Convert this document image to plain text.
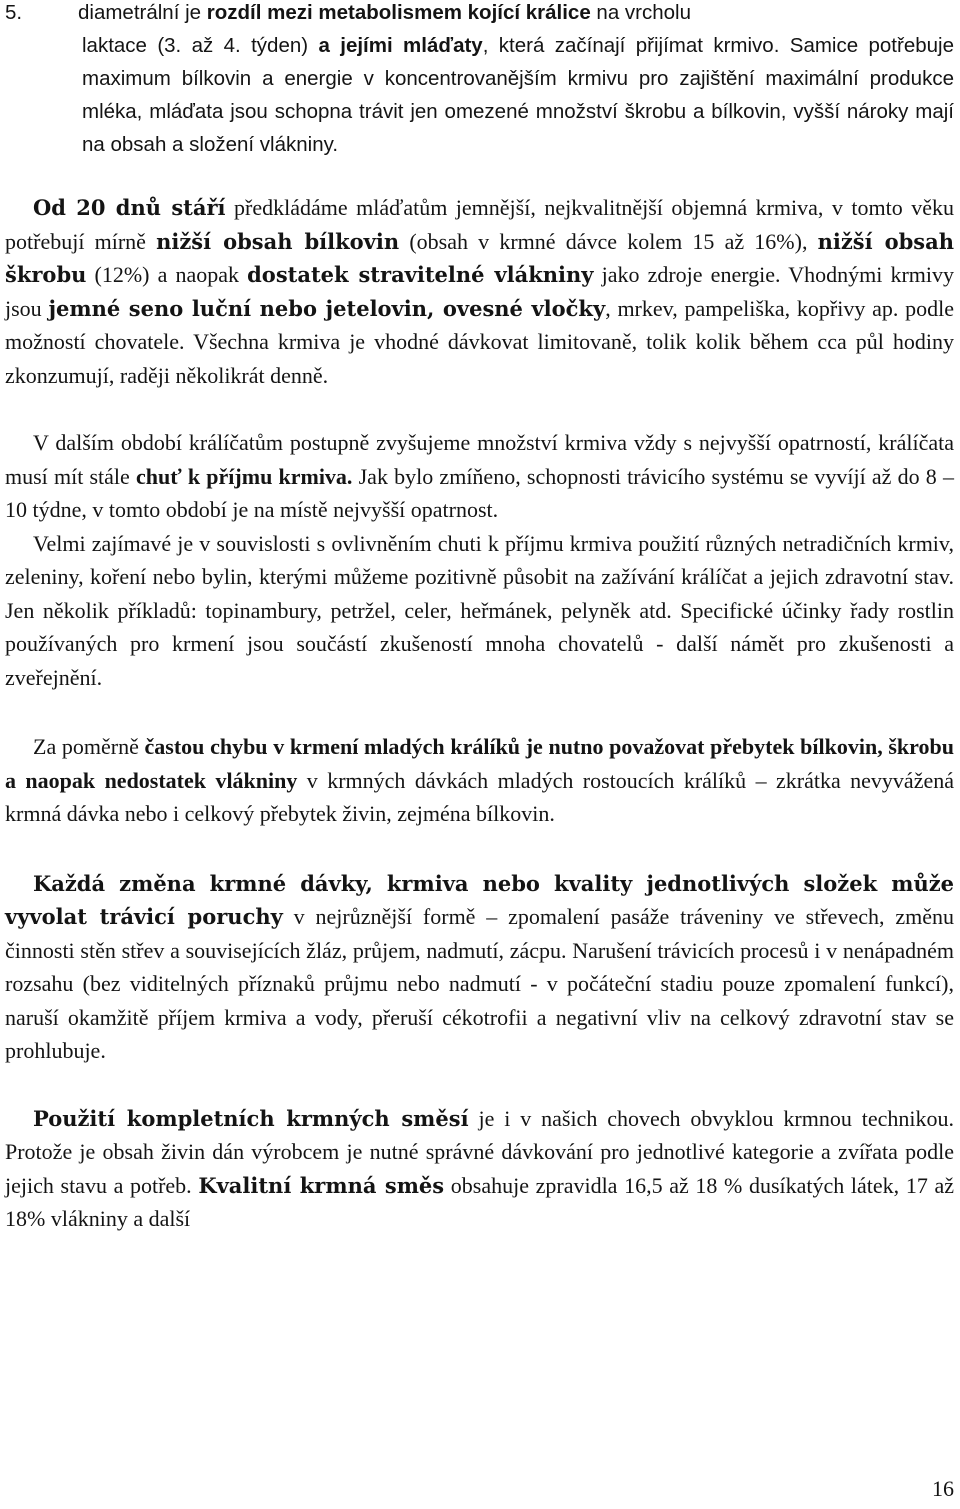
5.	diametrální je rozdíl mezi metabolismem kojící králice na vrcholu
laktace (3. až 4. týden) a jejími mláďaty, která začínají přijímat krmivo. Samice potřebuje maximum bílkovin a energie v koncentrovanějším krmivu pro zajištění maximální produkce mléka, mláďata jsou schopna trávit jen omezené množství škrobu a bílkovin, vyšší nároky mají na obsah a složení vlákniny.

Od 20 dnů stáří předkládáme mláďatům jemnější, nejkvalitnější objemná krmiva, v tomto věku potřebují mírně nižší obsah bílkovin (obsah v krmné dávce kolem 15 až 16%), nižší obsah škrobu (12%) a naopak dostatek stravitelné vlákniny jako zdroje energie. Vhodnými krmivy jsou jemné seno luční nebo jetelovin, ovesné vločky, mrkev, pampeliška, kopřivy ap. podle možností chovatele. Všechna krmiva je vhodné dávkovat limitovaně, tolik kolik během cca půl hodiny zkonzumují, raději několikrát denně.

V dalším období králíčatům postupně zvyšujeme množství krmiva vždy s nejvyšší opatrností, králíčata musí mít stále chuť k příjmu krmiva. Jak bylo zmíňeno, schopnosti trávicího systému se vyvíjí až do 8 – 10 týdne, v tomto období je na místě nejvyšší opatrnost.

Velmi zajímavé je v souvislosti s ovlivněním chuti k příjmu krmiva použití různých netradičních krmiv, zeleniny, koření nebo bylin, kterými můžeme pozitivně působit na zažívání králíčat a jejich zdravotní stav. Jen několik příkladů: topinambury, petržel, celer, heřmánek, pelyněk atd. Specifické účinky řady rostlin používaných pro krmení jsou součástí zkušeností mnoha chovatelů - další námět pro zkušenosti a zveřejnění.

Za poměrně častou chybu v krmení mladých králíků je nutno považovat přebytek bílkovin, škrobu a naopak nedostatek vlákniny v krmných dávkách mladých rostoucích králíků – zkrátka nevyvážená krmná dávka nebo i celkový přebytek živin, zejména bílkovin.

Každá změna krmné dávky, krmiva nebo kvality jednotlivých složek může vyvolat trávicí poruchy v nejrůznější formě – zpomalení pasáže tráveniny ve střevech, změnu činnosti stěn střev a souvisejících žláz, průjem, nadmutí, zácpu. Narušení trávicích procesů i v nenápadném rozsahu (bez viditelných příznaků průjmu nebo nadmutí - v počáteční stadiu pouze zpomalení funkcí), naruší okamžitě příjem krmiva a vody, přeruší cékotrofii a negativní vliv na celkový zdravotní stav se prohlubuje.

Použití kompletních krmných směsí je i v našich chovech obvyklou krmnou technikou. Protože je obsah živin dán výrobcem je nutné správné dávkování pro jednotlivé kategorie a zvířata podle jejich stavu a potřeb. Kvalitní krmná směs obsahuje zpravidla 16,5 až 18 % dusíkatých látek, 17 až 18% vlákniny a další

16
